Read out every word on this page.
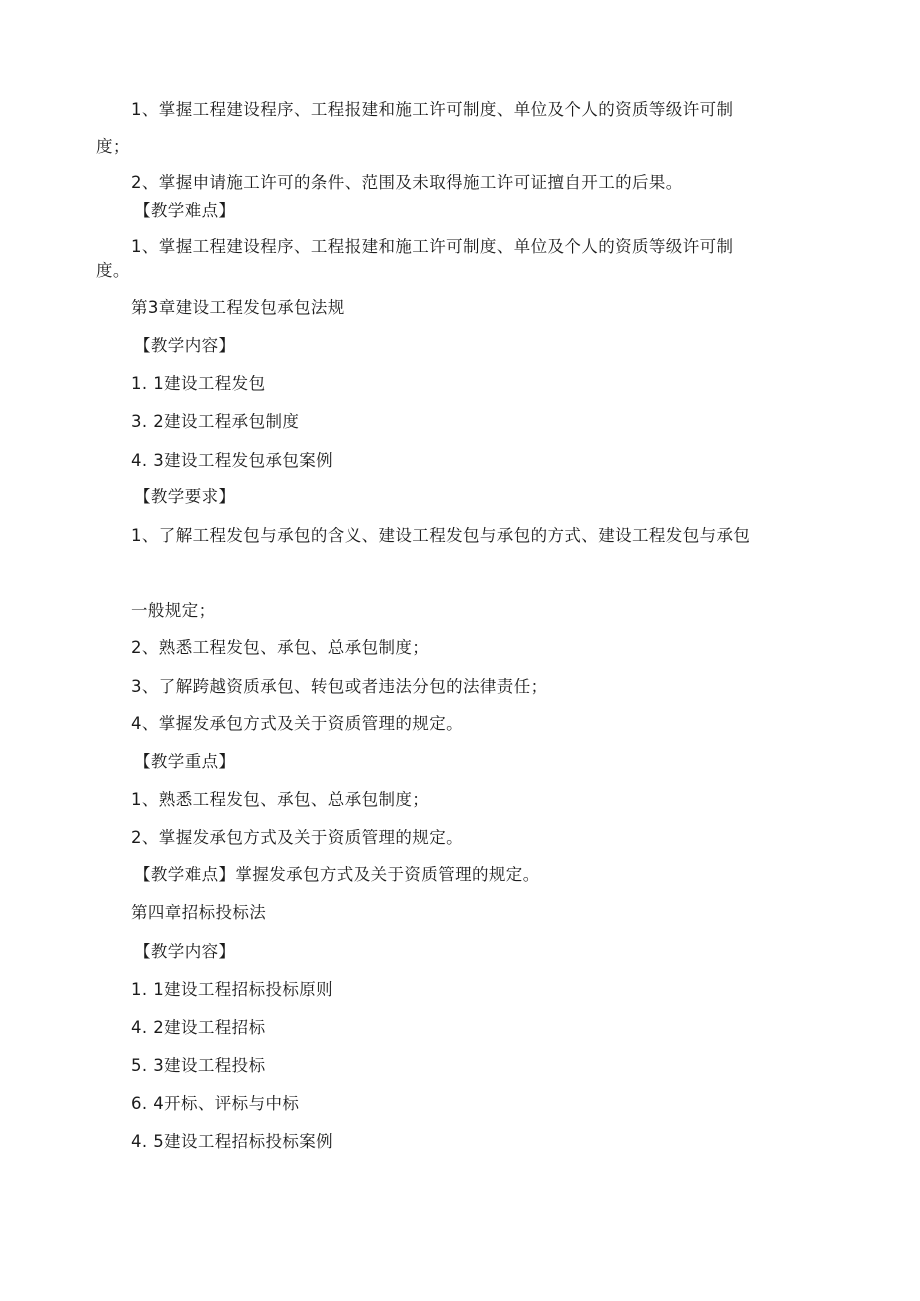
1、掌握工程建设程序、工程报建和施工许可制度、单位及个人的资质等级许可制
度；
2、掌握申请施工许可的条件、范围及未取得施工许可证擅自开工的后果。
【教学难点】
1、掌握工程建设程序、工程报建和施工许可制度、单位及个人的资质等级许可制
度。
第3章建设工程发包承包法规
【教学内容】
1. 1建设工程发包
3. 2建设工程承包制度
4. 3建设工程发包承包案例
【教学要求】
1、了解工程发包与承包的含义、建设工程发包与承包的方式、建设工程发包与承包
一般规定；
2、熟悉工程发包、承包、总承包制度；
3、了解跨越资质承包、转包或者违法分包的法律责任；
4、掌握发承包方式及关于资质管理的规定。
【教学重点】
1、熟悉工程发包、承包、总承包制度；
2、掌握发承包方式及关于资质管理的规定。
【教学难点】掌握发承包方式及关于资质管理的规定。
第四章招标投标法
【教学内容】
1. 1建设工程招标投标原则
4. 2建设工程招标
5. 3建设工程投标
6. 4开标、评标与中标
4. 5建设工程招标投标案例
